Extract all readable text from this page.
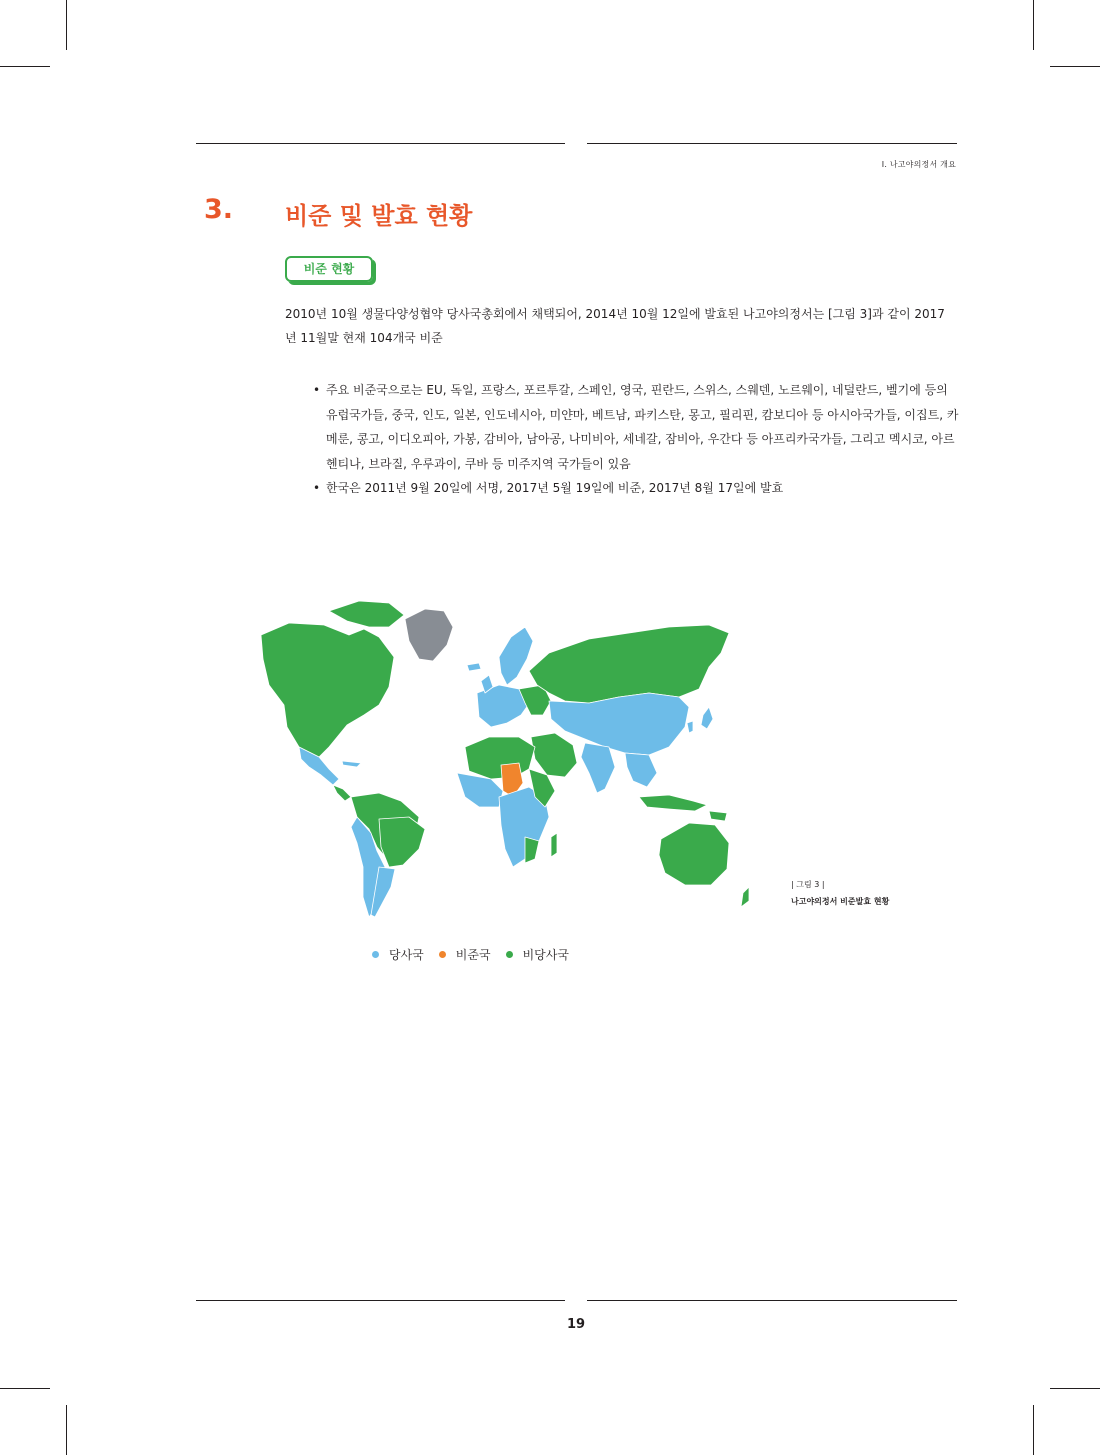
Ⅰ. 나고야의정서 개요
3. 비준 및 발효 현황
비준 현황

2010년 10월 생물다양성협약 당사국총회에서 채택되어, 2014년 10월 12일에 발효된 나고야의정서는 [그림 3]과 같이 2017년 11월말 현재 104개국 비준

• 주요 비준국으로는 EU, 독일, 프랑스, 포르투갈, 스페인, 영국, 핀란드, 스위스, 스웨덴, 노르웨이, 네덜란드, 벨기에 등의 유럽국가들, 중국, 인도, 일본, 인도네시아, 미얀마, 베트남, 파키스탄, 몽고, 필리핀, 캄보디아 등 아시아국가들, 이집트, 카메룬, 콩고, 이디오피아, 가봉, 감비아, 남아공, 나미비아, 세네갈, 잠비아, 우간다 등 아프리카국가들, 그리고 멕시코, 아르헨티나, 브라질, 우루과이, 쿠바 등 미주지역 국가들이 있음
• 한국은 2011년 9월 20일에 서명, 2017년 5월 19일에 비준, 2017년 8월 17일에 발효
| 그림 3 |
나고야의정서 비준발효 현황
당사국	비준국	비당사국
19
